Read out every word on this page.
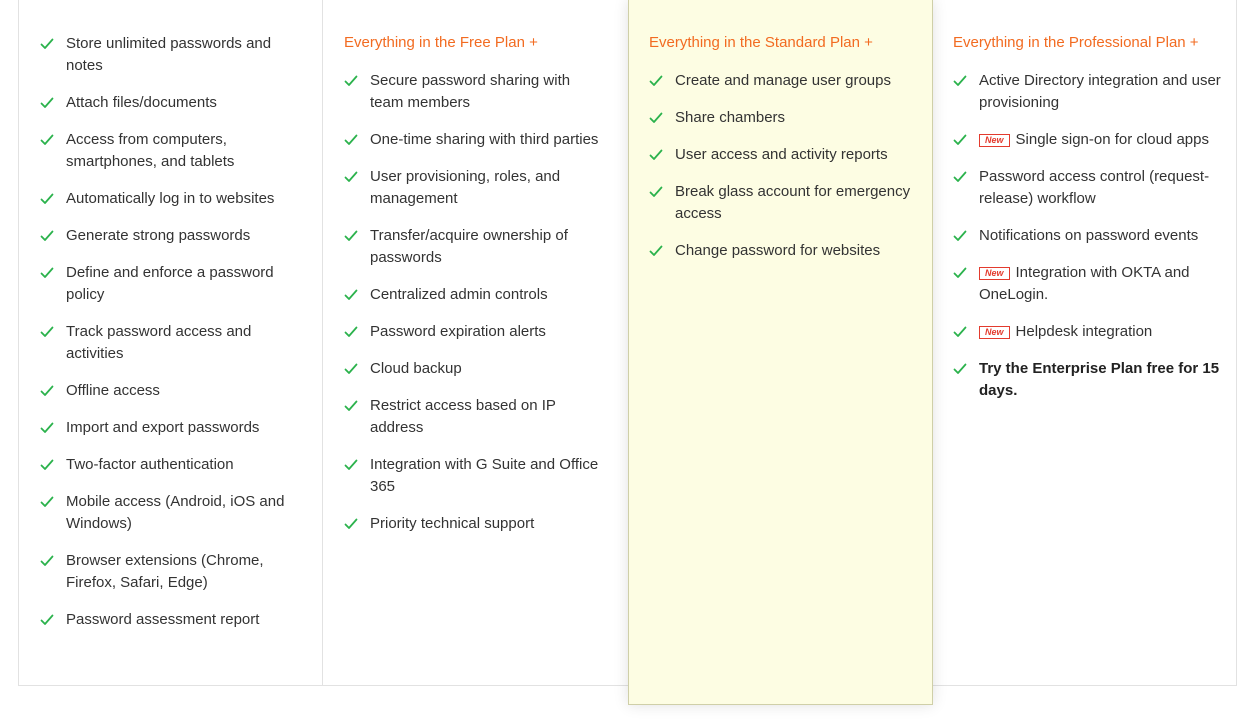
Store unlimited passwords and notes
Attach files/documents
Access from computers, smartphones, and tablets
Automatically log in to websites
Generate strong passwords
Define and enforce a password policy
Track password access and activities
Offline access
Import and export passwords
Two-factor authentication
Mobile access (Android, iOS and Windows)
Browser extensions (Chrome, Firefox, Safari, Edge)
Password assessment report
Everything in the Free Plan +
Secure password sharing with team members
One-time sharing with third parties
User provisioning, roles, and management
Transfer/acquire ownership of passwords
Centralized admin controls
Password expiration alerts
Cloud backup
Restrict access based on IP address
Integration with G Suite and Office 365
Priority technical support
Everything in the Standard Plan +
Create and manage user groups
Share chambers
User access and activity reports
Break glass account for emergency access
Change password for websites
Everything in the Professional Plan +
Active Directory integration and user provisioning
New Single sign-on for cloud apps
Password access control (request-release) workflow
Notifications on password events
New Integration with OKTA and OneLogin.
New Helpdesk integration
Try the Enterprise Plan free for 15 days.
